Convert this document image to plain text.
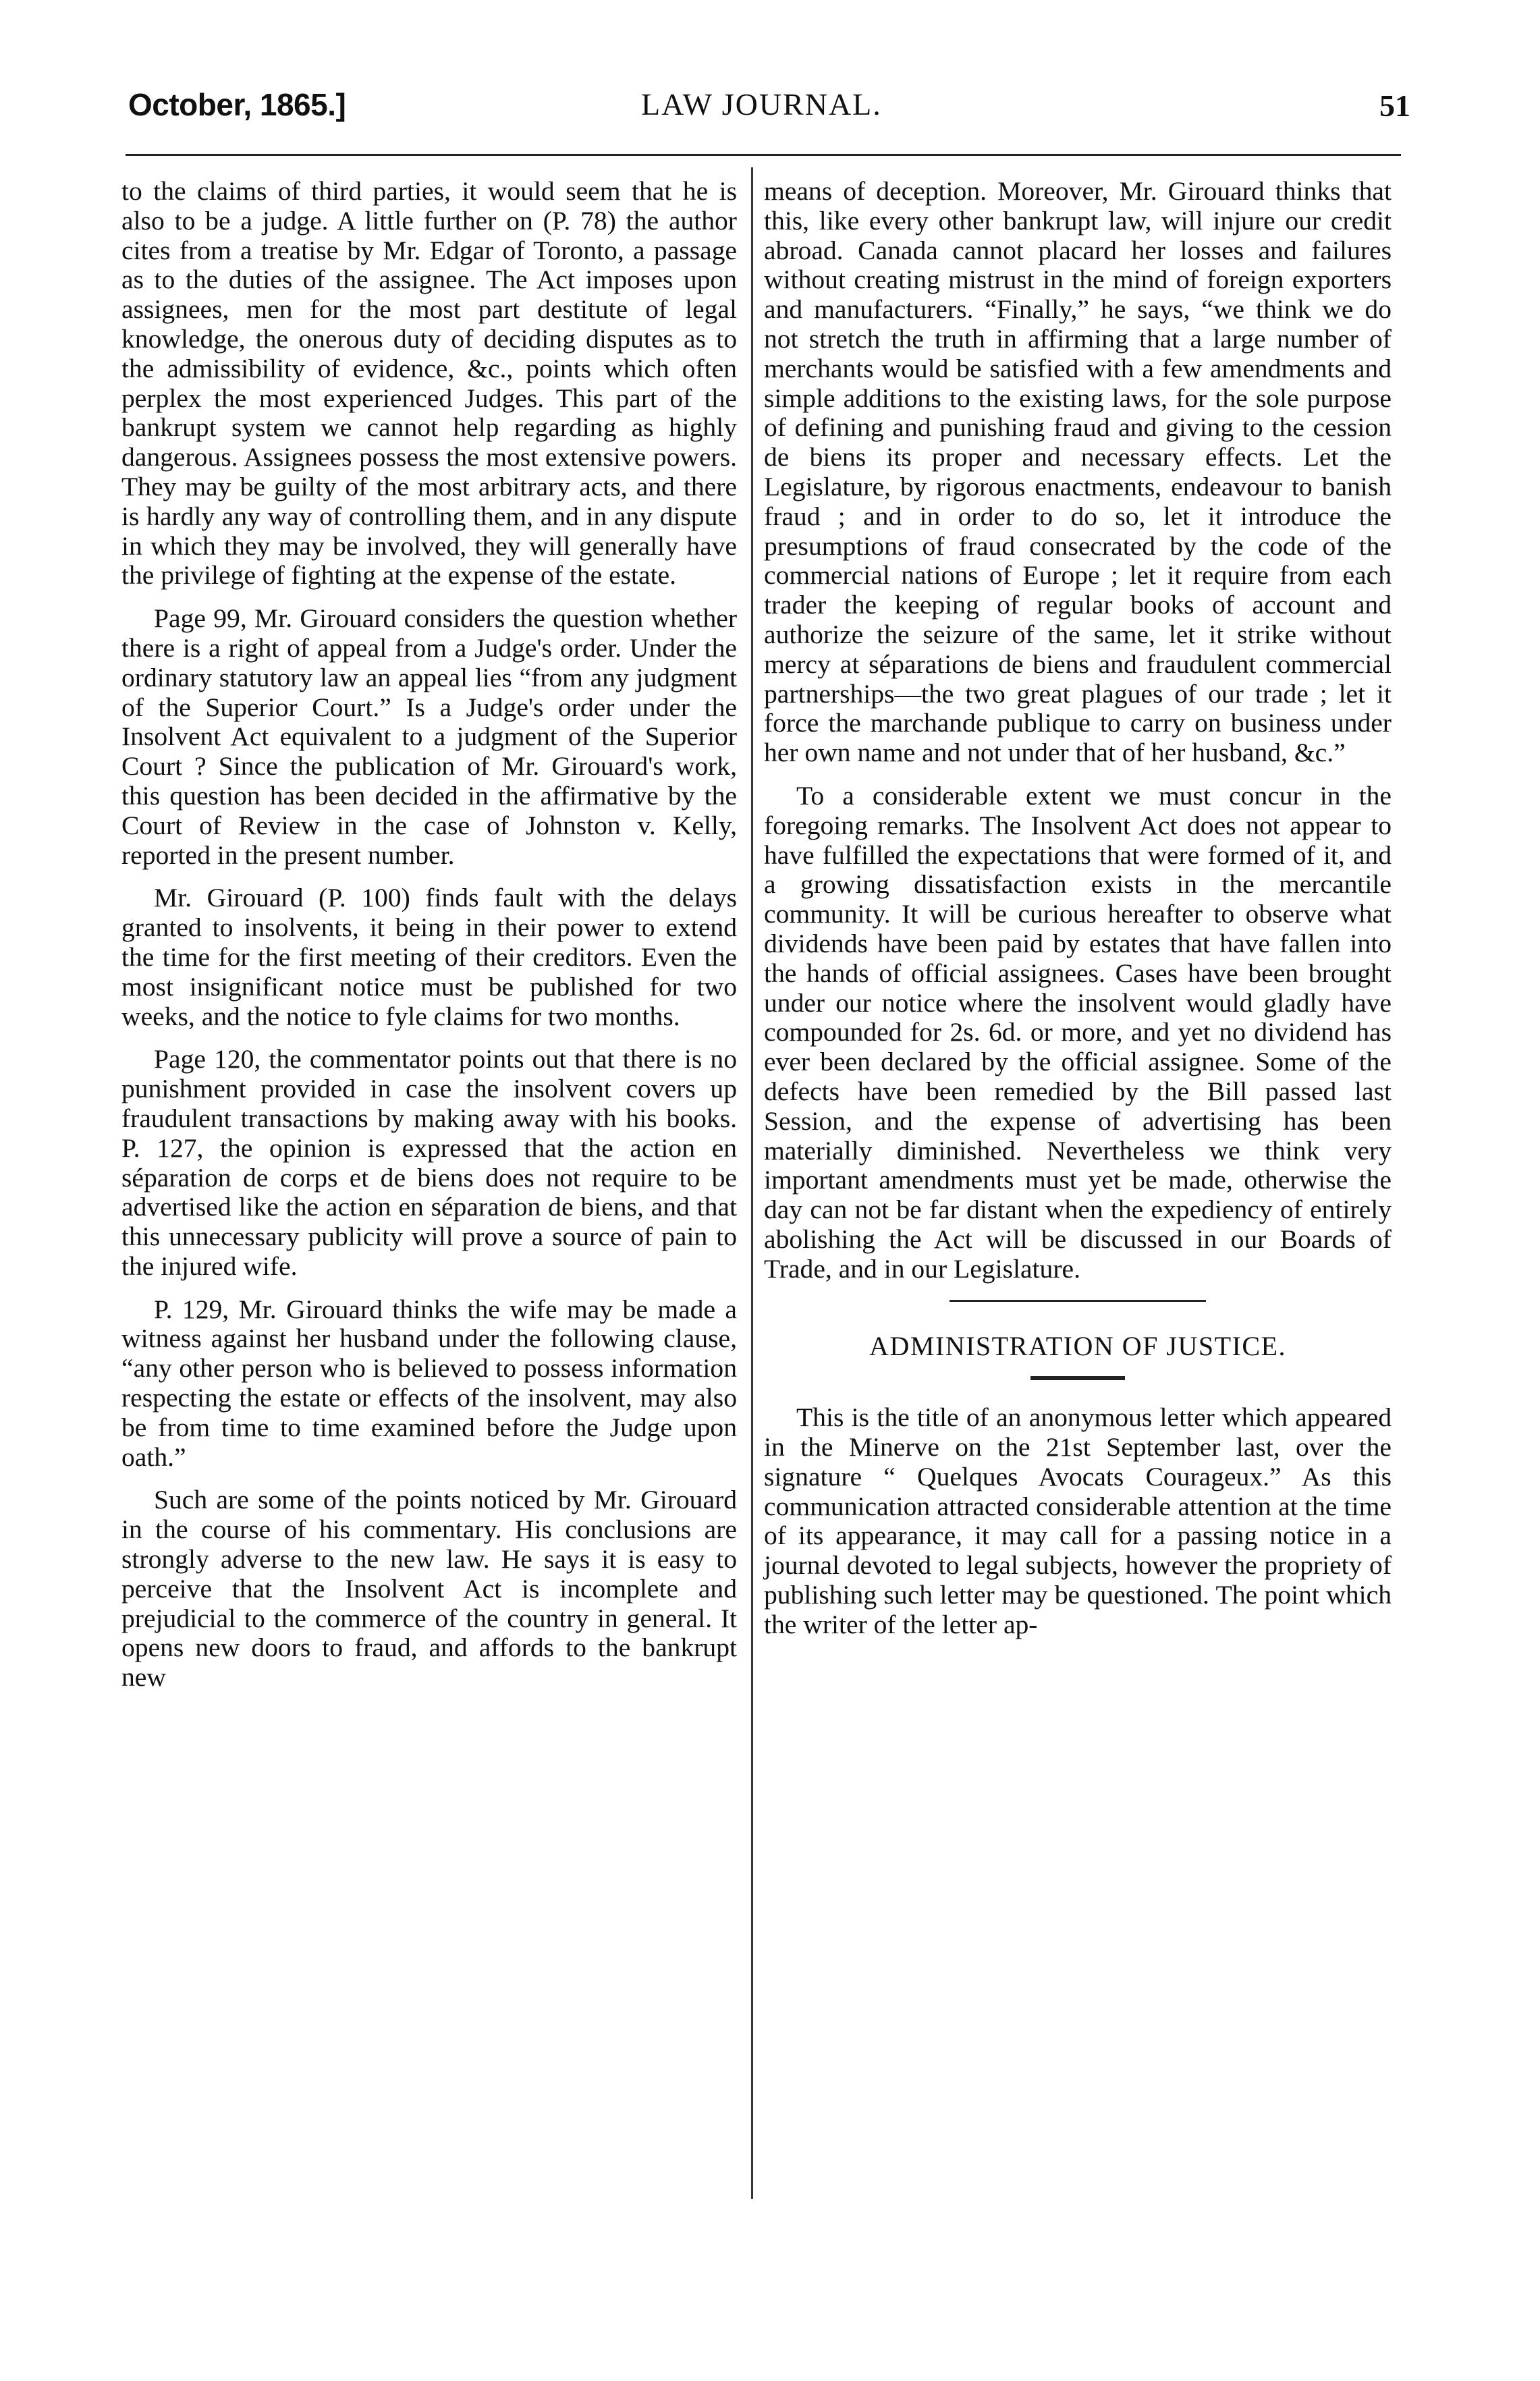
October, 1865.]	LAW JOURNAL.	51

to the claims of third parties, it would seem that he is also to be a judge. A little further on (P. 78) the author cites from a treatise by Mr. Edgar of Toronto, a passage as to the duties of the assignee. The Act imposes upon assignees, men for the most part destitute of legal knowledge, the onerous duty of deciding disputes as to the admissibility of evidence, &c., points which often perplex the most experienced Judges. This part of the bankrupt system we cannot help regarding as highly dangerous. Assignees possess the most extensive powers. They may be guilty of the most arbitrary acts, and there is hardly any way of controlling them, and in any dispute in which they may be involved, they will generally have the privilege of fighting at the expense of the estate.

Page 99, Mr. Girouard considers the question whether there is a right of appeal from a Judge's order. Under the ordinary statutory law an appeal lies “from any judgment of the Superior Court.” Is a Judge's order under the Insolvent Act equivalent to a judgment of the Superior Court ? Since the publication of Mr. Girouard's work, this question has been decided in the affirmative by the Court of Review in the case of Johnston v. Kelly, reported in the present number.

Mr. Girouard (P. 100) finds fault with the delays granted to insolvents, it being in their power to extend the time for the first meeting of their creditors. Even the most insignificant notice must be published for two weeks, and the notice to fyle claims for two months.

Page 120, the commentator points out that there is no punishment provided in case the insolvent covers up fraudulent transactions by making away with his books. P. 127, the opinion is expressed that the action en séparation de corps et de biens does not require to be advertised like the action en séparation de biens, and that this unnecessary publicity will prove a source of pain to the injured wife.

P. 129, Mr. Girouard thinks the wife may be made a witness against her husband under the following clause, “any other person who is believed to possess information respecting the estate or effects of the insolvent, may also be from time to time examined before the Judge upon oath.”

Such are some of the points noticed by Mr. Girouard in the course of his commentary. His conclusions are strongly adverse to the new law. He says it is easy to perceive that the Insolvent Act is incomplete and prejudicial to the commerce of the country in general. It opens new doors to fraud, and affords to the bankrupt new

means of deception. Moreover, Mr. Girouard thinks that this, like every other bankrupt law, will injure our credit abroad. Canada cannot placard her losses and failures without creating mistrust in the mind of foreign exporters and manufacturers. “Finally,” he says, “we think we do not stretch the truth in affirming that a large number of merchants would be satisfied with a few amendments and simple additions to the existing laws, for the sole purpose of defining and punishing fraud and giving to the cession de biens its proper and necessary effects. Let the Legislature, by rigorous enactments, endeavour to banish fraud ; and in order to do so, let it introduce the presumptions of fraud consecrated by the code of the commercial nations of Europe ; let it require from each trader the keeping of regular books of account and authorize the seizure of the same, let it strike without mercy at séparations de biens and fraudulent commercial partnerships—the two great plagues of our trade ; let it force the marchande publique to carry on business under her own name and not under that of her husband, &c.”

To a considerable extent we must concur in the foregoing remarks. The Insolvent Act does not appear to have fulfilled the expectations that were formed of it, and a growing dissatisfaction exists in the mercantile community. It will be curious hereafter to observe what dividends have been paid by estates that have fallen into the hands of official assignees. Cases have been brought under our notice where the insolvent would gladly have compounded for 2s. 6d. or more, and yet no dividend has ever been declared by the official assignee. Some of the defects have been remedied by the Bill passed last Session, and the expense of advertising has been materially diminished. Nevertheless we think very important amendments must yet be made, otherwise the day can not be far distant when the expediency of entirely abolishing the Act will be discussed in our Boards of Trade, and in our Legislature.

ADMINISTRATION OF JUSTICE.

This is the title of an anonymous letter which appeared in the Minerve on the 21st September last, over the signature “ Quelques Avocats Courageux.” As this communication attracted considerable attention at the time of its appearance, it may call for a passing notice in a journal devoted to legal subjects, however the propriety of publishing such letter may be questioned. The point which the writer of the letter ap-
